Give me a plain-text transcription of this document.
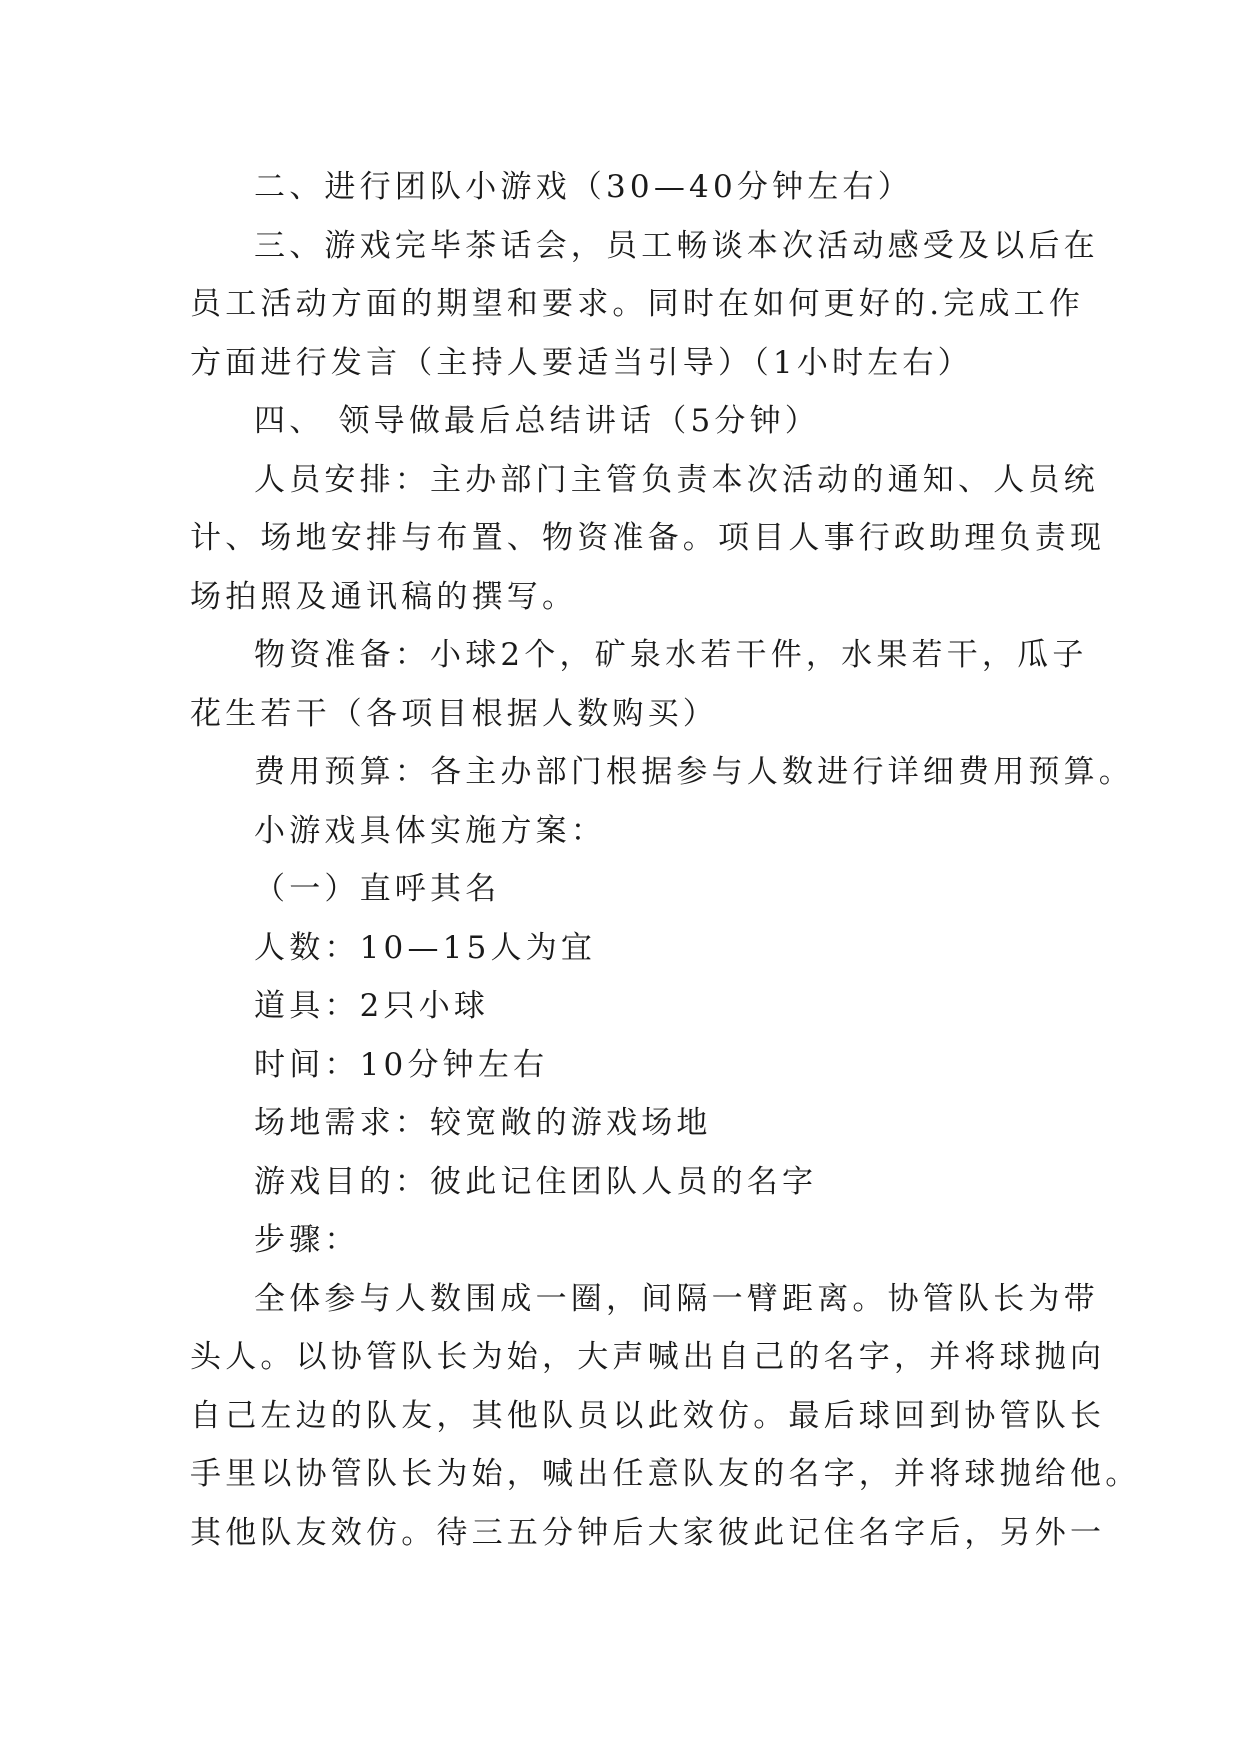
二、进行团队小游戏（30—40分钟左右）

三、游戏完毕茶话会，员工畅谈本次活动感受及以后在

员工活动方面的期望和要求。同时在如何更好的.完成工作

方面进行发言（主持人要适当引导）（1小时左右）

四、 领导做最后总结讲话（5分钟）

人员安排：主办部门主管负责本次活动的通知、人员统

计、场地安排与布置、物资准备。项目人事行政助理负责现

场拍照及通讯稿的撰写。

物资准备：小球2个，矿泉水若干件，水果若干，瓜子

花生若干（各项目根据人数购买）

费用预算：各主办部门根据参与人数进行详细费用预算。

小游戏具体实施方案：

（一）直呼其名

人数：10—15人为宜

道具：2只小球

时间：10分钟左右

场地需求：较宽敞的游戏场地

游戏目的：彼此记住团队人员的名字

步骤：

全体参与人数围成一圈，间隔一臂距离。协管队长为带

头人。以协管队长为始，大声喊出自己的名字，并将球抛向

自己左边的队友，其他队员以此效仿。最后球回到协管队长

手里以协管队长为始，喊出任意队友的名字，并将球抛给他。

其他队友效仿。待三五分钟后大家彼此记住名字后，另外一
